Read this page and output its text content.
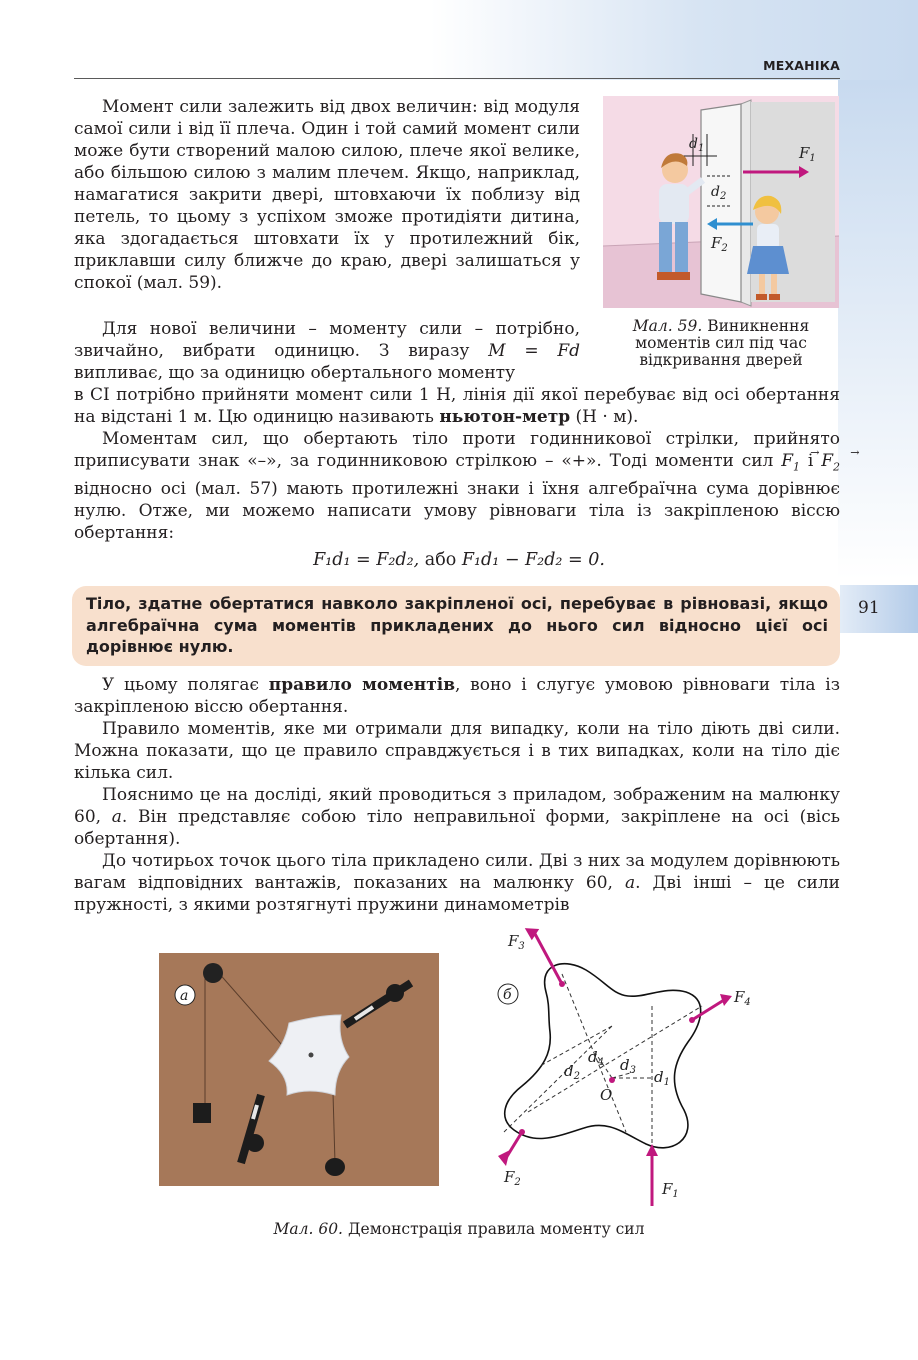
МЕХАНІКА
91

Момент сили залежить від двох величин: від модуля самої сили і від її плеча. Один і той самий момент сили може бути створений малою силою, плече якої велике, або більшою силою з малим плечем. Якщо, наприклад, намагатися закрити двері, штовхаючи їх поблизу від петель, то цьому з успіхом зможе протидіяти дитина, яка здогадається штовхати їх у протилежний бік, приклавши силу ближче до краю, двері залишаться у спокої (мал. 59).

Для нової величини – моменту сили – потрібно, звичайно, вибрати одиницю. З виразу M = Fd випливає, що за одиницю обертального моменту

в СІ потрібно прийняти момент сили 1 Н, лінія дії якої перебуває від осі обертання на відстані 1 м. Цю одиницю називають ньютон-метр (Н · м).

Моментам сил, що обертають тіло проти годинникової стрілки, прийнято приписувати знак «–», за годинниковою стрілкою – «+». Тоді моменти сил	→
$F_1$ і	→
$F_2$ відносно осі (мал. 57) мають протилежні знаки і їхня алгебраїчна сума дорівнює нулю. Отже, ми можемо написати умову рівноваги тіла із закріпленою віссю обертання:

F₁d₁ = F₂d₂, або F₁d₁ − F₂d₂ = 0.

Тіло, здатне обертатися навколо закріпленої осі, перебуває в рівновазі, якщо алгебраїчна сума моментів прикладених до нього сил відносно цієї осі дорівнює нулю.

У цьому полягає правило моментів, воно і слугує умовою рівноваги тіла із закріпленою віссю обертання.

Правило моментів, яке ми отримали для випадку, коли на тіло діють дві сили. Можна показати, що це правило справджується і в тих випадках, коли на тіло діє кілька сил.

Пояснимо це на досліді, який проводиться з приладом, зображеним на малюнку 60, а. Він представляє собою тіло неправильної форми, закріплене на осі (вісь обертання).

До чотирьох точок цього тіла прикладено сили. Дві з них за модулем дорівнюють вагам відповідних вантажів, показаних на малюнку 60, а. Дві інші – це сили пружності, з якими розтягнуті пружини динамометрів

$d_1$
$d_2$
$F_1$
$F_2$

Мал. 59. Виникнення моментів сил під час відкривання дверей

а	б
O
$d_4$
$d_2$
$d_3$ $d_1$
$F_3$
$F_4$
$F_2$	$F_1$
Мал. 60. Демонстрація правила моменту сил
